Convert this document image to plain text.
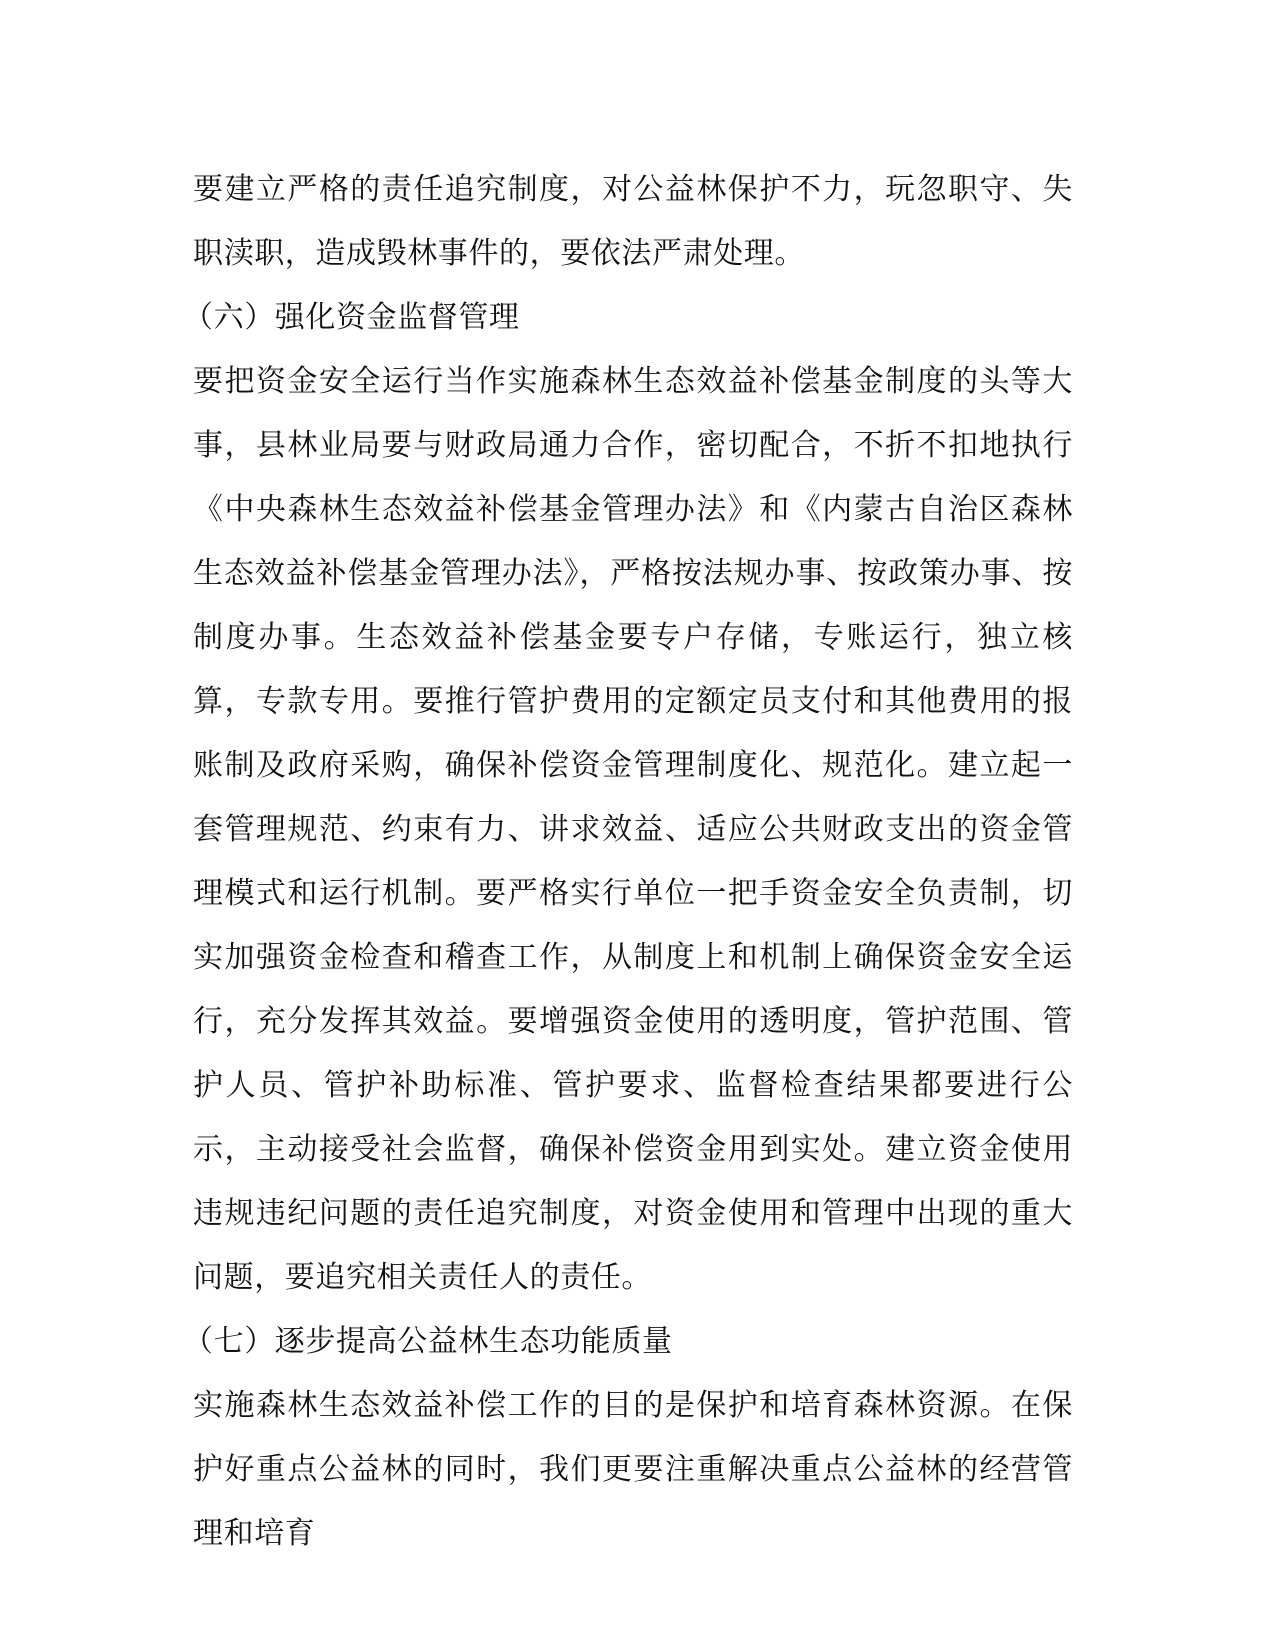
要建立严格的责任追究制度，对公益林保护不力，玩忽职守、失职渎职，造成毁林事件的，要依法严肃处理。

（六）强化资金监督管理

要把资金安全运行当作实施森林生态效益补偿基金制度的头等大事，县林业局要与财政局通力合作，密切配合，不折不扣地执行《中央森林生态效益补偿基金管理办法》和《内蒙古自治区森林生态效益补偿基金管理办法》，严格按法规办事、按政策办事、按制度办事。生态效益补偿基金要专户存储，专账运行，独立核算，专款专用。要推行管护费用的定额定员支付和其他费用的报账制及政府采购，确保补偿资金管理制度化、规范化。建立起一套管理规范、约束有力、讲求效益、适应公共财政支出的资金管理模式和运行机制。要严格实行单位一把手资金安全负责制，切实加强资金检查和稽查工作，从制度上和机制上确保资金安全运行，充分发挥其效益。要增强资金使用的透明度，管护范围、管护人员、管护补助标准、管护要求、监督检查结果都要进行公示，主动接受社会监督，确保补偿资金用到实处。建立资金使用违规违纪问题的责任追究制度，对资金使用和管理中出现的重大问题，要追究相关责任人的责任。

（七）逐步提高公益林生态功能质量

实施森林生态效益补偿工作的目的是保护和培育森林资源。在保护好重点公益林的同时，我们更要注重解决重点公益林的经营管理和培育
